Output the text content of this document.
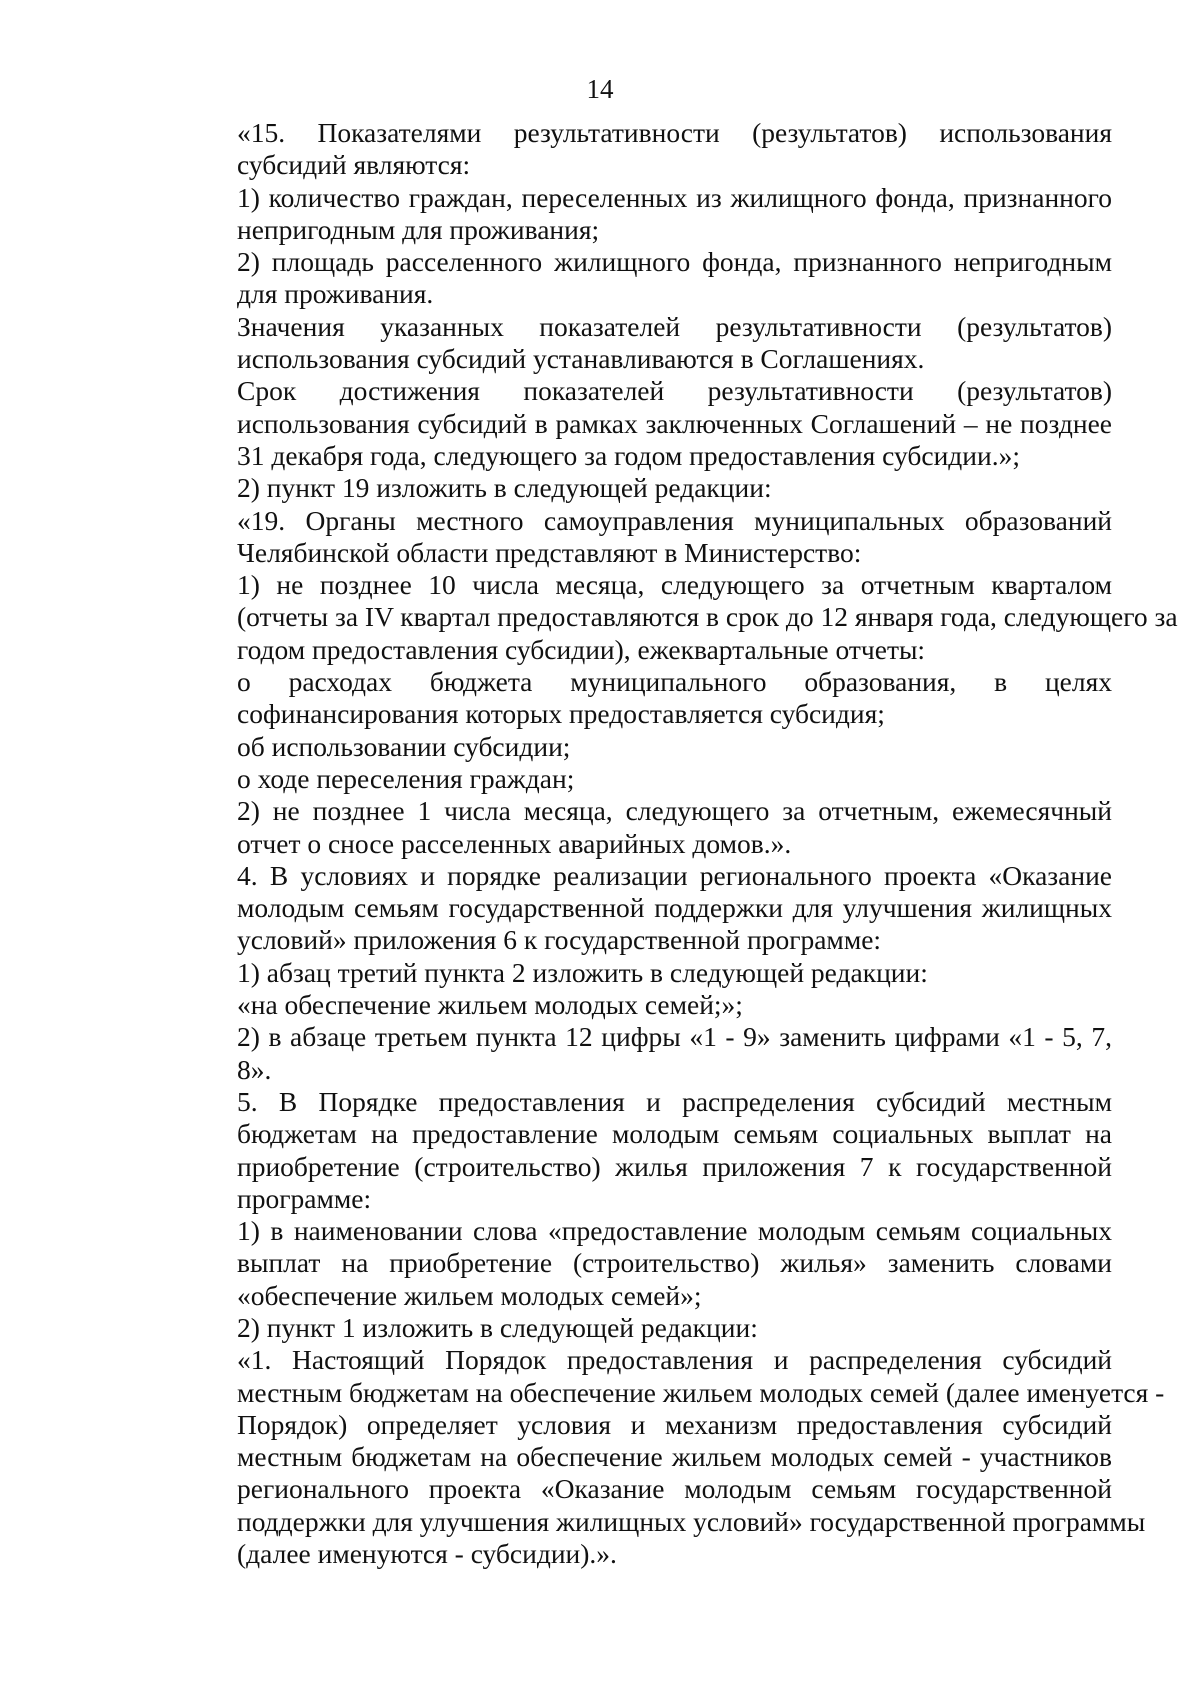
14

«15. Показателями результативности (результатов) использования
субсидий являются:

1) количество граждан, переселенных из жилищного фонда, признанного
непригодным для проживания;

2) площадь расселенного жилищного фонда, признанного непригодным
для проживания.

Значения указанных показателей результативности (результатов)
использования субсидий устанавливаются в Соглашениях.

Срок достижения показателей результативности (результатов)
использования субсидий в рамках заключенных Соглашений – не позднее
31 декабря года, следующего за годом предоставления субсидии.»;

2) пункт 19 изложить в следующей редакции:

«19. Органы местного самоуправления муниципальных образований
Челябинской области представляют в Министерство:

1) не позднее 10 числа месяца, следующего за отчетным кварталом
(отчеты за IV квартал предоставляются в срок до 12 января года, следующего за
годом предоставления субсидии), ежеквартальные отчеты:

о расходах бюджета муниципального образования, в целях
софинансирования которых предоставляется субсидия;

об использовании субсидии;

о ходе переселения граждан;

2) не позднее 1 числа месяца, следующего за отчетным, ежемесячный
отчет о сносе расселенных аварийных домов.».

4. В условиях и порядке реализации регионального проекта «Оказание
молодым семьям государственной поддержки для улучшения жилищных
условий» приложения 6 к государственной программе:

1) абзац третий пункта 2 изложить в следующей редакции:

«на обеспечение жильем молодых семей;»;

2) в абзаце третьем пункта 12 цифры «1 - 9» заменить цифрами «1 - 5, 7,
8».

5. В Порядке предоставления и распределения субсидий местным
бюджетам на предоставление молодым семьям социальных выплат на
приобретение (строительство) жилья приложения 7 к государственной
программе:

1) в наименовании слова «предоставление молодым семьям социальных
выплат на приобретение (строительство) жилья» заменить словами
«обеспечение жильем молодых семей»;

2) пункт 1 изложить в следующей редакции:

«1. Настоящий Порядок предоставления и распределения субсидий
местным бюджетам на обеспечение жильем молодых семей (далее именуется -
Порядок) определяет условия и механизм предоставления субсидий
местным бюджетам на обеспечение жильем молодых семей - участников
регионального проекта «Оказание молодым семьям государственной
поддержки для улучшения жилищных условий» государственной программы
(далее именуются - субсидии).».
